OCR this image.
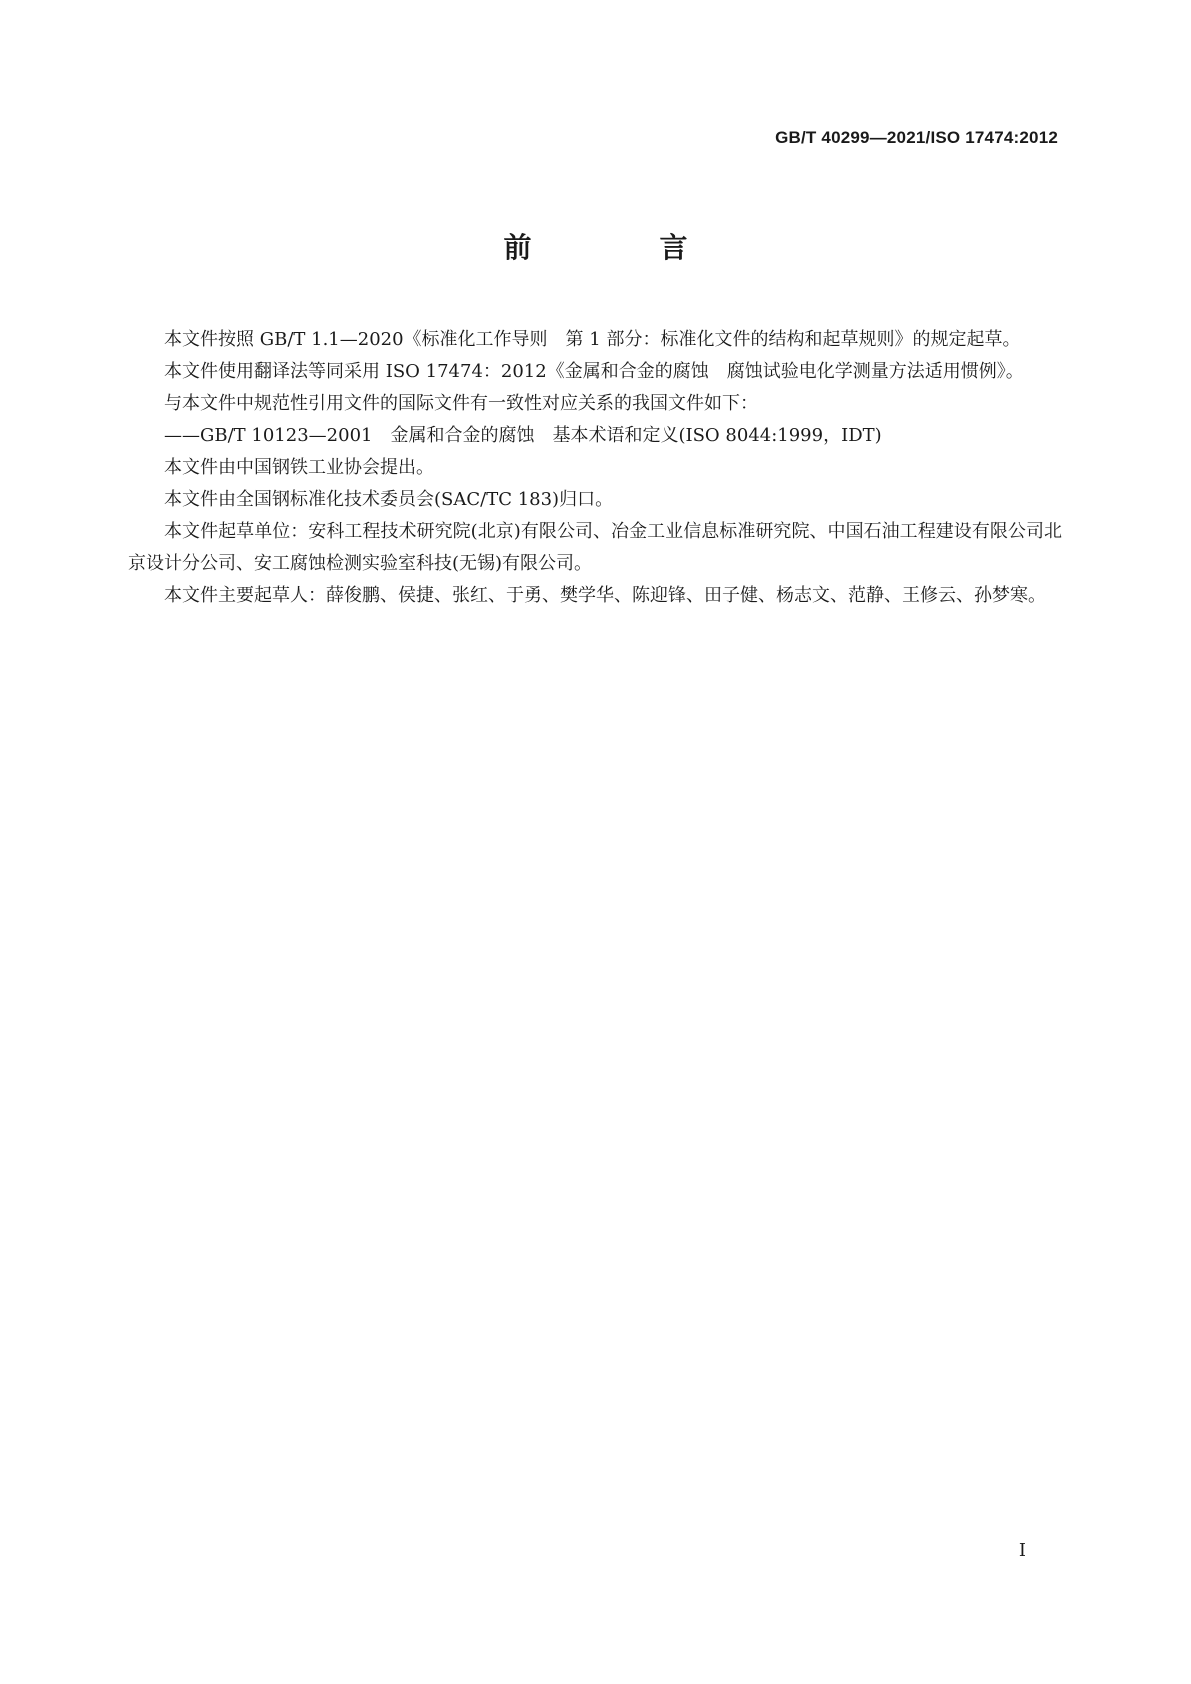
GB/T 40299—2021/ISO 17474:2012
前　言

本文件按照 GB/T 1.1—2020《标准化工作导则　第 1 部分：标准化文件的结构和起草规则》的规定起草。

本文件使用翻译法等同采用 ISO 17474：2012《金属和合金的腐蚀　腐蚀试验电化学测量方法适用惯例》。

与本文件中规范性引用文件的国际文件有一致性对应关系的我国文件如下：

——GB/T 10123—2001　金属和合金的腐蚀　基本术语和定义(ISO 8044:1999，IDT)

本文件由中国钢铁工业协会提出。

本文件由全国钢标准化技术委员会(SAC/TC 183)归口。

本文件起草单位：安科工程技术研究院(北京)有限公司、冶金工业信息标准研究院、中国石油工程建设有限公司北京设计分公司、安工腐蚀检测实验室科技(无锡)有限公司。

本文件主要起草人：薛俊鹏、侯捷、张红、于勇、樊学华、陈迎锋、田子健、杨志文、范静、王修云、孙梦寒。

I
